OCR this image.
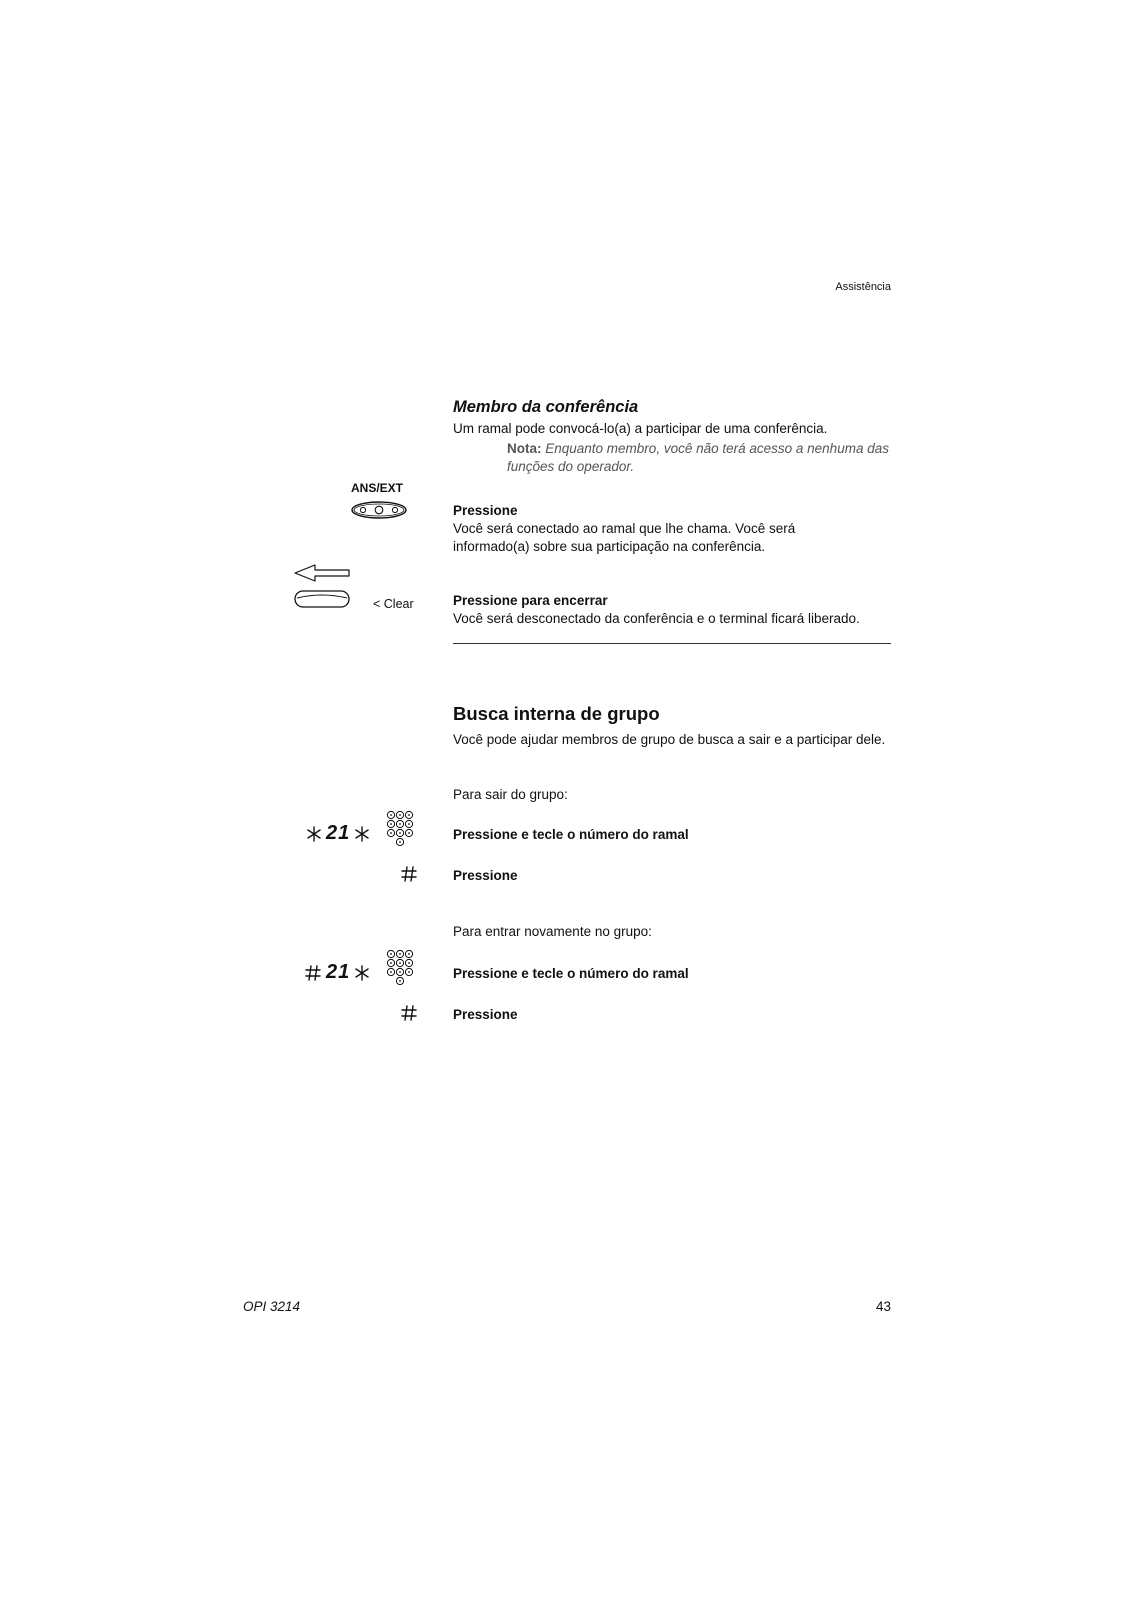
Assistência
Membro da conferência
Um ramal pode convocá-lo(a) a participar de uma conferência.
Nota: Enquanto membro, você não terá acesso a nenhuma das funções do operador.
ANS/EXT
Pressione
Você será conectado ao ramal que lhe chama. Você será informado(a) sobre sua participação na conferência.
< Clear	Pressione para encerrar
Você será desconectado da conferência e o terminal ficará liberado.
Busca interna de grupo
Você pode ajudar membros de grupo de busca a sair e a participar dele.
Para sair do grupo:
21	Pressione e tecle o número do ramal
Pressione
Para entrar novamente no grupo:
21	Pressione e tecle o número do ramal
Pressione
OPI 3214	43
